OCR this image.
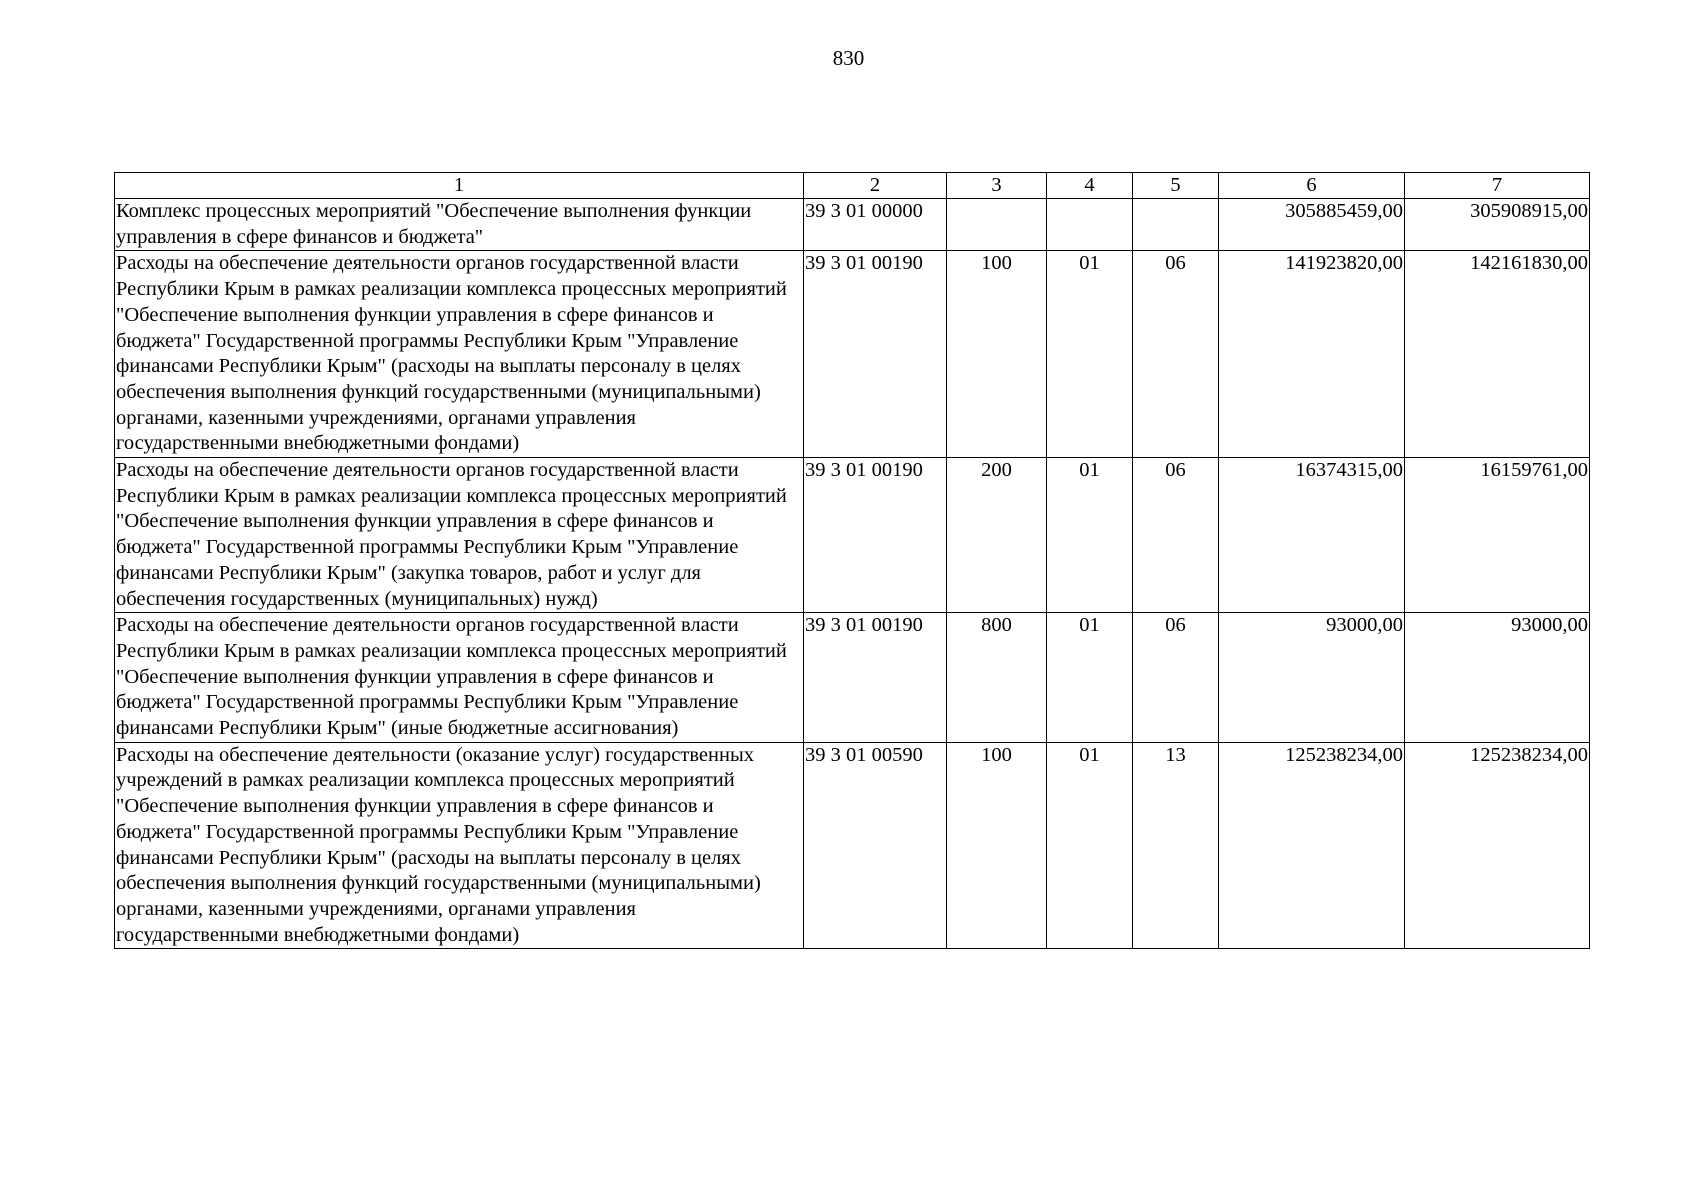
830
1	2	3	4	5	6	7
Комплекс процессных мероприятий "Обеспечение выполнения функции управления в сфере финансов и бюджета"	39 3 01 00000				305885459,00	305908915,00
Расходы на обеспечение деятельности органов государственной власти Республики Крым в рамках реализации комплекса процессных мероприятий "Обеспечение выполнения функции управления в сфере финансов и бюджета" Государственной программы Республики Крым "Управление финансами Республики Крым" (расходы на выплаты персоналу в целях обеспечения выполнения функций государственными (муниципальными) органами, казенными учреждениями, органами управления государственными внебюджетными фондами)	39 3 01 00190	100	01	06	141923820,00	142161830,00
Расходы на обеспечение деятельности органов государственной власти Республики Крым в рамках реализации комплекса процессных мероприятий "Обеспечение выполнения функции управления в сфере финансов и бюджета" Государственной программы Республики Крым "Управление финансами Республики Крым" (закупка товаров, работ и услуг для обеспечения государственных (муниципальных) нужд)	39 3 01 00190	200	01	06	16374315,00	16159761,00
Расходы на обеспечение деятельности органов государственной власти Республики Крым в рамках реализации комплекса процессных мероприятий "Обеспечение выполнения функции управления в сфере финансов и бюджета" Государственной программы Республики Крым "Управление финансами Республики Крым" (иные бюджетные ассигнования)	39 3 01 00190	800	01	06	93000,00	93000,00
Расходы на обеспечение деятельности (оказание услуг) государственных учреждений в рамках реализации комплекса процессных мероприятий "Обеспечение выполнения функции управления в сфере финансов и бюджета" Государственной программы Республики Крым "Управление финансами Республики Крым" (расходы на выплаты персоналу в целях обеспечения выполнения функций государственными (муниципальными) органами, казенными учреждениями, органами управления государственными внебюджетными фондами)	39 3 01 00590	100	01	13	125238234,00	125238234,00
